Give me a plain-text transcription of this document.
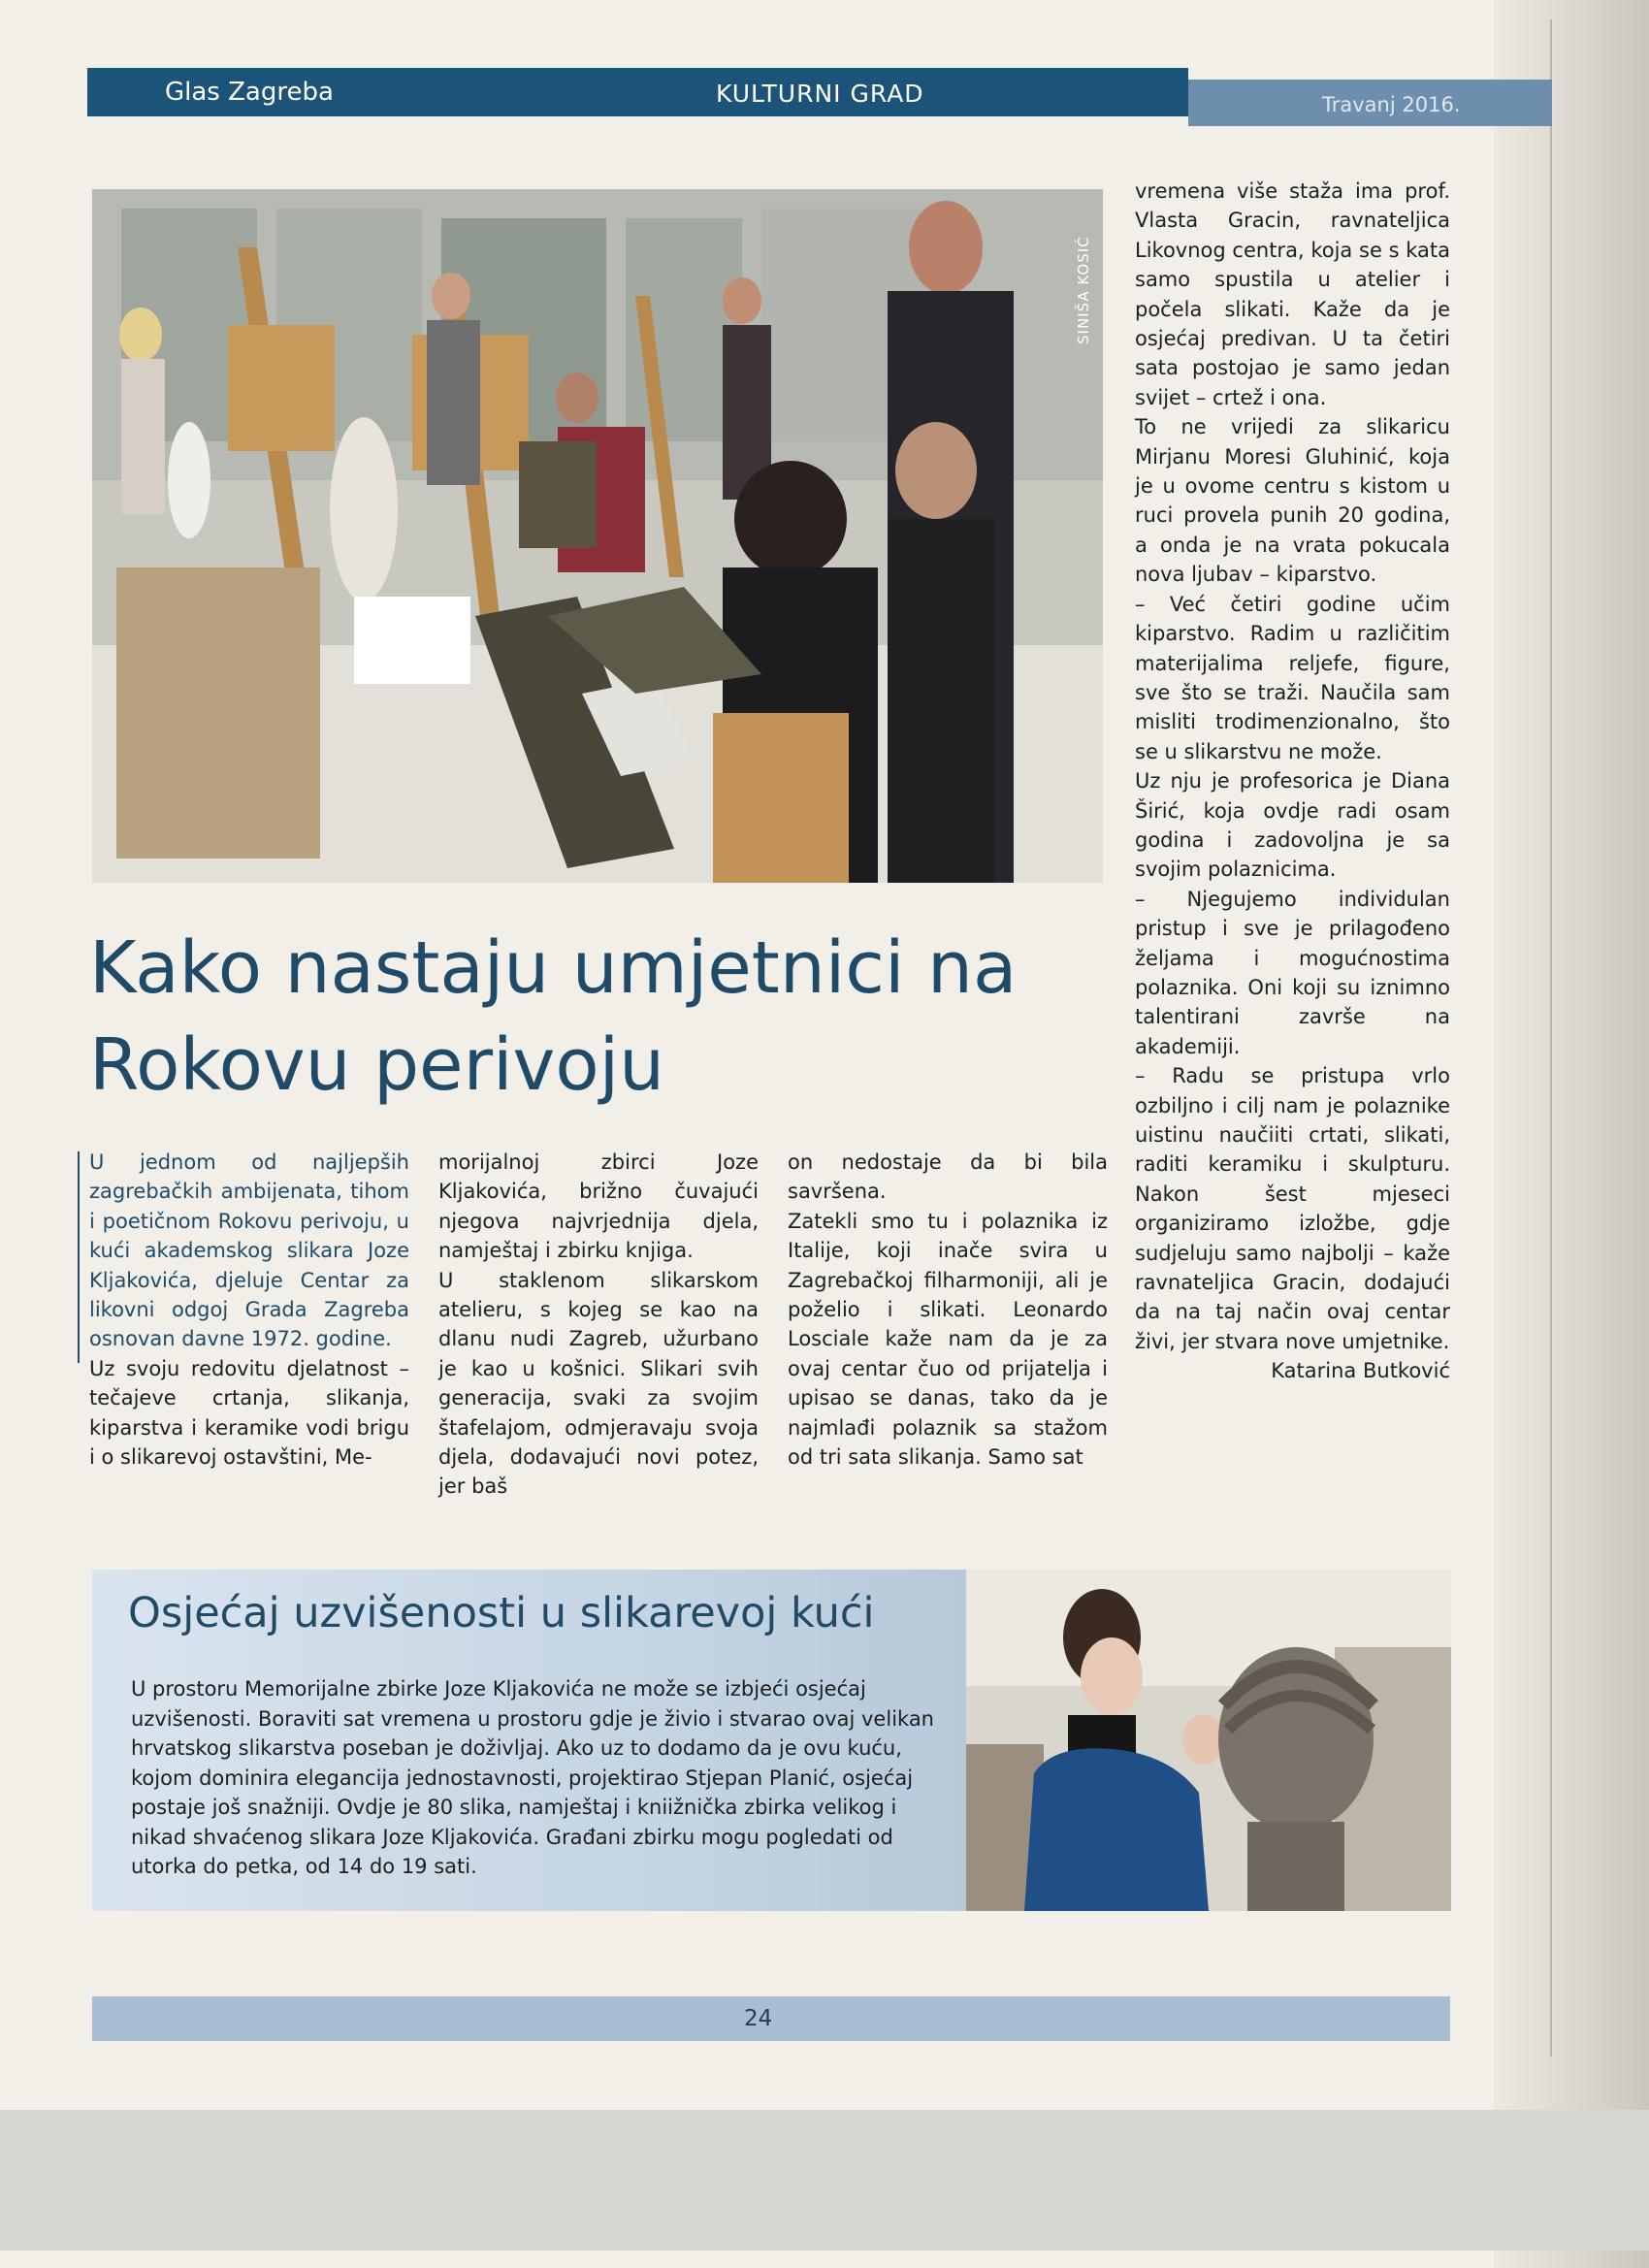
Glas Zagreba	KULTURNI GRAD	Travanj 2016.
SINIŠA KOSIĆ
Kako nastaju umjetnici na Rokovu perivoju

U jednom od najljepših zagrebačkih ambijenata, tihom i poetičnom Rokovu perivoju, u kući akademskog slikara Joze Kljakovića, djeluje Centar za likovni odgoj Grada Zagreba osnovan davne 1972. godine.

Uz svoju redovitu djelatnost – tečajeve crtanja, slikanja, kiparstva i keramike vodi brigu i o slikarevoj ostavštini, Me-

morijalnoj zbirci Joze Kljakovića, brižno čuvajući njegova najvrjednija djela, namještaj i zbirku knjiga.

U staklenom slikarskom atelieru, s kojeg se kao na dlanu nudi Zagreb, užurbano je kao u košnici. Slikari svih generacija, svaki za svojim štafelajom, odmjeravaju svoja djela, dodavajući novi potez, jer baš

on nedostaje da bi bila savršena.

Zatekli smo tu i polaznika iz Italije, koji inače svira u Zagrebačkoj filharmoniji, ali je poželio i slikati. Leonardo Losciale kaže nam da je za ovaj centar čuo od prijatelja i upisao se danas, tako da je najmlađi polaznik sa stažom od tri sata slikanja. Samo sat

vremena više staža ima prof. Vlasta Gracin, ravnateljica Likovnog centra, koja se s kata samo spustila u atelier i počela slikati. Kaže da je osjećaj predivan. U ta četiri sata postojao je samo jedan svijet – crtež i ona.

To ne vrijedi za slikaricu Mirjanu Moresi Gluhinić, koja je u ovome centru s kistom u ruci provela punih 20 godina, a onda je na vrata pokucala nova ljubav – kiparstvo.

– Već četiri godine učim kiparstvo. Radim u različitim materijalima reljefe, figure, sve što se traži. Naučila sam misliti trodimenzionalno, što se u slikarstvu ne može.

Uz nju je profesorica je Diana Širić, koja ovdje radi osam godina i zadovoljna je sa svojim polaznicima.

– Njegujemo individulan pristup i sve je prilagođeno željama i mogućnostima polaznika. Oni koji su iznimno talentirani završe na akademiji.

– Radu se pristupa vrlo ozbiljno i cilj nam je polaznike uistinu naučiiti crtati, slikati, raditi keramiku i skulpturu. Nakon šest mjeseci organiziramo izložbe, gdje sudjeluju samo najbolji – kaže ravnateljica Gracin, dodajući da na taj način ovaj centar živi, jer stvara nove umjetnike.

Katarina Butković

Osjećaj uzvišenosti u slikarevoj kući

U prostoru Memorijalne zbirke Joze Kljakovića ne može se izbjeći osjećaj uzvišenosti. Boraviti sat vremena u prostoru gdje je živio i stvarao ovaj velikan hrvatskog slikarstva poseban je doživljaj. Ako uz to dodamo da je ovu kuću, kojom dominira elegancija jednostavnosti, projektirao Stjepan Planić, osjećaj postaje još snažniji. Ovdje je 80 slika, namještaj i kniižnička zbirka velikog i nikad shvaćenog slikara Joze Kljakovića. Građani zbirku mogu pogledati od utorka do petka, od 14 do 19 sati.

24
